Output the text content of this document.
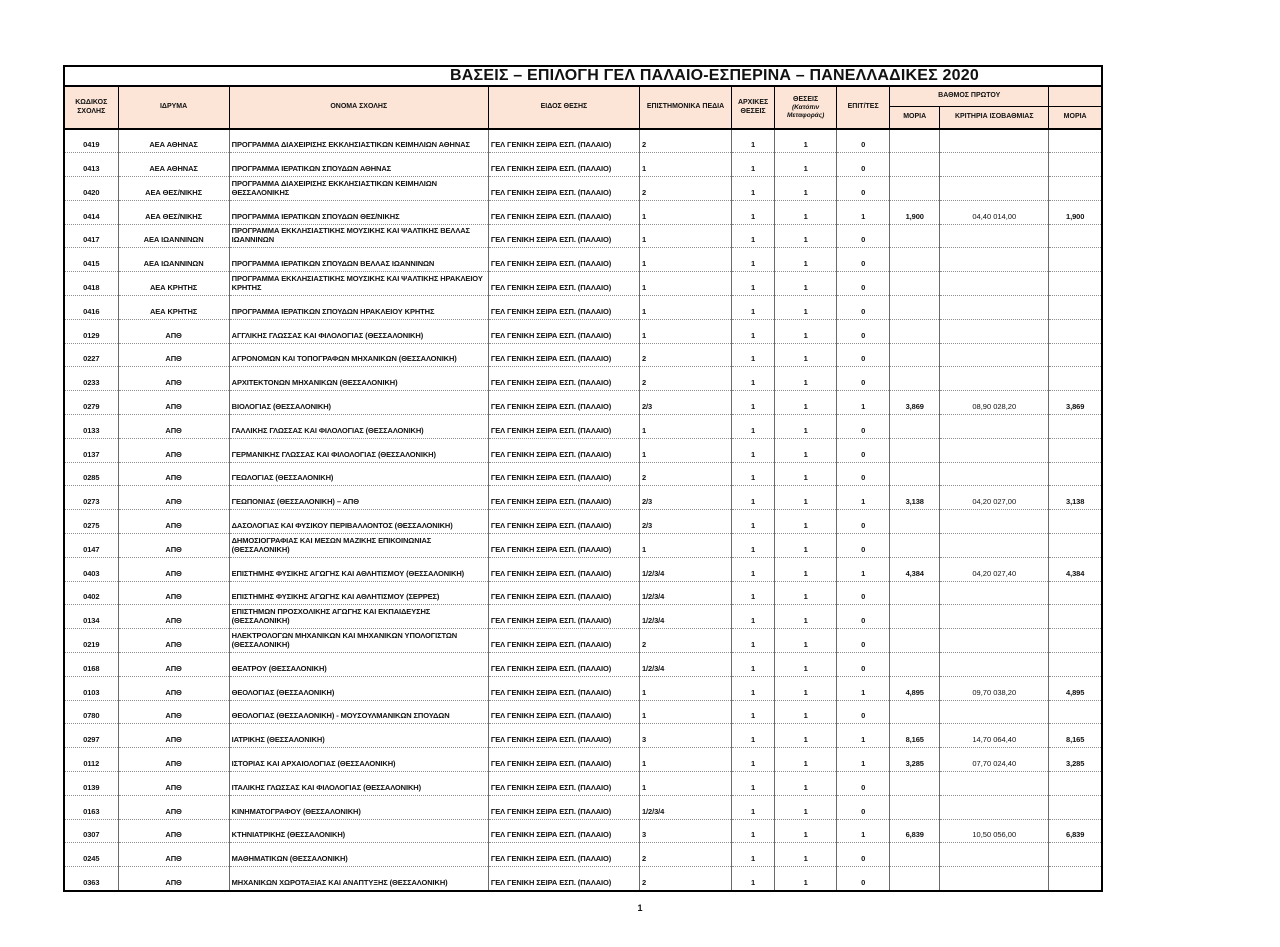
ΒΑΣΕΙΣ – ΕΠΙΛΟΓΗ ΓΕΛ ΠΑΛΑΙΟ-ΕΣΠΕΡΙΝΑ – ΠΑΝΕΛΛΑΔΙΚΕΣ 2020										
ΚΩΔΙΚΟΣ ΣΧΟΛΗΣ	ΙΔΡΥΜΑ	ΟΝΟΜΑ ΣΧΟΛΗΣ	ΕΙΔΟΣ ΘΕΣΗΣ	ΕΠΙΣΤΗΜΟΝΙΚΑ ΠΕΔΙΑ	ΑΡΧΙΚΕΣ ΘΕΣΕΙΣ	ΘΕΣΕΙΣ
(Κατόπιν Μεταφοράς)	ΕΠΙΤ/ΤΕΣ	ΒΑΘΜΟΣ ΠΡΩΤΟΥ		
								ΜΟΡΙΑ	ΚΡΙΤΗΡΙΑ ΙΣΟΒΑΘΜΙΑΣ	ΜΟΡΙΑ
0419	ΑΕΑ ΑΘΗΝΑΣ	ΠΡΟΓΡΑΜΜΑ ΔΙΑΧΕΙΡΙΣΗΣ ΕΚΚΛΗΣΙΑΣΤΙΚΩΝ ΚΕΙΜΗΛΙΩΝ ΑΘΗΝΑΣ	ΓΕΛ ΓΕΝΙΚΗ ΣΕΙΡΑ ΕΣΠ. (ΠΑΛΑΙΟ)	2	1	1	0			
0413	ΑΕΑ ΑΘΗΝΑΣ	ΠΡΟΓΡΑΜΜΑ ΙΕΡΑΤΙΚΩΝ ΣΠΟΥΔΩΝ ΑΘΗΝΑΣ	ΓΕΛ ΓΕΝΙΚΗ ΣΕΙΡΑ ΕΣΠ. (ΠΑΛΑΙΟ)	1	1	1	0			
0420	ΑΕΑ ΘΕΣ/ΝΙΚΗΣ	ΠΡΟΓΡΑΜΜΑ ΔΙΑΧΕΙΡΙΣΗΣ ΕΚΚΛΗΣΙΑΣΤΙΚΩΝ ΚΕΙΜΗΛΙΩΝ ΘΕΣΣΑΛΟΝΙΚΗΣ	ΓΕΛ ΓΕΝΙΚΗ ΣΕΙΡΑ ΕΣΠ. (ΠΑΛΑΙΟ)	2	1	1	0			
0414	ΑΕΑ ΘΕΣ/ΝΙΚΗΣ	ΠΡΟΓΡΑΜΜΑ ΙΕΡΑΤΙΚΩΝ ΣΠΟΥΔΩΝ ΘΕΣ/ΝΙΚΗΣ	ΓΕΛ ΓΕΝΙΚΗ ΣΕΙΡΑ ΕΣΠ. (ΠΑΛΑΙΟ)	1	1	1	1	1,900	04,40 014,00	1,900
0417	ΑΕΑ ΙΩΑΝΝΙΝΩΝ	ΠΡΟΓΡΑΜΜΑ ΕΚΚΛΗΣΙΑΣΤΙΚΗΣ ΜΟΥΣΙΚΗΣ ΚΑΙ ΨΑΛΤΙΚΗΣ ΒΕΛΛΑΣ ΙΩΑΝΝΙΝΩΝ	ΓΕΛ ΓΕΝΙΚΗ ΣΕΙΡΑ ΕΣΠ. (ΠΑΛΑΙΟ)	1	1	1	0			
0415	ΑΕΑ ΙΩΑΝΝΙΝΩΝ	ΠΡΟΓΡΑΜΜΑ ΙΕΡΑΤΙΚΩΝ ΣΠΟΥΔΩΝ ΒΕΛΛΑΣ ΙΩΑΝΝΙΝΩΝ	ΓΕΛ ΓΕΝΙΚΗ ΣΕΙΡΑ ΕΣΠ. (ΠΑΛΑΙΟ)	1	1	1	0			
0418	ΑΕΑ ΚΡΗΤΗΣ	ΠΡΟΓΡΑΜΜΑ ΕΚΚΛΗΣΙΑΣΤΙΚΗΣ ΜΟΥΣΙΚΗΣ ΚΑΙ ΨΑΛΤΙΚΗΣ ΗΡΑΚΛΕΙΟΥ ΚΡΗΤΗΣ	ΓΕΛ ΓΕΝΙΚΗ ΣΕΙΡΑ ΕΣΠ. (ΠΑΛΑΙΟ)	1	1	1	0			
0416	ΑΕΑ ΚΡΗΤΗΣ	ΠΡΟΓΡΑΜΜΑ ΙΕΡΑΤΙΚΩΝ ΣΠΟΥΔΩΝ ΗΡΑΚΛΕΙΟΥ ΚΡΗΤΗΣ	ΓΕΛ ΓΕΝΙΚΗ ΣΕΙΡΑ ΕΣΠ. (ΠΑΛΑΙΟ)	1	1	1	0			
0129	ΑΠΘ	ΑΓΓΛΙΚΗΣ ΓΛΩΣΣΑΣ ΚΑΙ ΦΙΛΟΛΟΓΙΑΣ (ΘΕΣΣΑΛΟΝΙΚΗ)	ΓΕΛ ΓΕΝΙΚΗ ΣΕΙΡΑ ΕΣΠ. (ΠΑΛΑΙΟ)	1	1	1	0			
0227	ΑΠΘ	ΑΓΡΟΝΟΜΩΝ ΚΑΙ ΤΟΠΟΓΡΑΦΩΝ ΜΗΧΑΝΙΚΩΝ (ΘΕΣΣΑΛΟΝΙΚΗ)	ΓΕΛ ΓΕΝΙΚΗ ΣΕΙΡΑ ΕΣΠ. (ΠΑΛΑΙΟ)	2	1	1	0			
0233	ΑΠΘ	ΑΡΧΙΤΕΚΤΟΝΩΝ ΜΗΧΑΝΙΚΩΝ (ΘΕΣΣΑΛΟΝΙΚΗ)	ΓΕΛ ΓΕΝΙΚΗ ΣΕΙΡΑ ΕΣΠ. (ΠΑΛΑΙΟ)	2	1	1	0			
0279	ΑΠΘ	ΒΙΟΛΟΓΙΑΣ (ΘΕΣΣΑΛΟΝΙΚΗ)	ΓΕΛ ΓΕΝΙΚΗ ΣΕΙΡΑ ΕΣΠ. (ΠΑΛΑΙΟ)	2/3	1	1	1	3,869	08,90 028,20	3,869
0133	ΑΠΘ	ΓΑΛΛΙΚΗΣ ΓΛΩΣΣΑΣ ΚΑΙ ΦΙΛΟΛΟΓΙΑΣ (ΘΕΣΣΑΛΟΝΙΚΗ)	ΓΕΛ ΓΕΝΙΚΗ ΣΕΙΡΑ ΕΣΠ. (ΠΑΛΑΙΟ)	1	1	1	0			
0137	ΑΠΘ	ΓΕΡΜΑΝΙΚΗΣ ΓΛΩΣΣΑΣ ΚΑΙ ΦΙΛΟΛΟΓΙΑΣ (ΘΕΣΣΑΛΟΝΙΚΗ)	ΓΕΛ ΓΕΝΙΚΗ ΣΕΙΡΑ ΕΣΠ. (ΠΑΛΑΙΟ)	1	1	1	0			
0285	ΑΠΘ	ΓΕΩΛΟΓΙΑΣ (ΘΕΣΣΑΛΟΝΙΚΗ)	ΓΕΛ ΓΕΝΙΚΗ ΣΕΙΡΑ ΕΣΠ. (ΠΑΛΑΙΟ)	2	1	1	0			
0273	ΑΠΘ	ΓΕΩΠΟΝΙΑΣ (ΘΕΣΣΑΛΟΝΙΚΗ) – ΑΠΘ	ΓΕΛ ΓΕΝΙΚΗ ΣΕΙΡΑ ΕΣΠ. (ΠΑΛΑΙΟ)	2/3	1	1	1	3,138	04,20 027,00	3,138
0275	ΑΠΘ	ΔΑΣΟΛΟΓΙΑΣ ΚΑΙ ΦΥΣΙΚΟΥ ΠΕΡΙΒΑΛΛΟΝΤΟΣ (ΘΕΣΣΑΛΟΝΙΚΗ)	ΓΕΛ ΓΕΝΙΚΗ ΣΕΙΡΑ ΕΣΠ. (ΠΑΛΑΙΟ)	2/3	1	1	0			
0147	ΑΠΘ	ΔΗΜΟΣΙΟΓΡΑΦΙΑΣ ΚΑΙ ΜΕΣΩΝ ΜΑΖΙΚΗΣ ΕΠΙΚΟΙΝΩΝΙΑΣ (ΘΕΣΣΑΛΟΝΙΚΗ)	ΓΕΛ ΓΕΝΙΚΗ ΣΕΙΡΑ ΕΣΠ. (ΠΑΛΑΙΟ)	1	1	1	0			
0403	ΑΠΘ	ΕΠΙΣΤΗΜΗΣ ΦΥΣΙΚΗΣ ΑΓΩΓΗΣ ΚΑΙ ΑΘΛΗΤΙΣΜΟΥ (ΘΕΣΣΑΛΟΝΙΚΗ)	ΓΕΛ ΓΕΝΙΚΗ ΣΕΙΡΑ ΕΣΠ. (ΠΑΛΑΙΟ)	1/2/3/4	1	1	1	4,384	04,20 027,40	4,384
0402	ΑΠΘ	ΕΠΙΣΤΗΜΗΣ ΦΥΣΙΚΗΣ ΑΓΩΓΗΣ ΚΑΙ ΑΘΛΗΤΙΣΜΟΥ (ΣΕΡΡΕΣ)	ΓΕΛ ΓΕΝΙΚΗ ΣΕΙΡΑ ΕΣΠ. (ΠΑΛΑΙΟ)	1/2/3/4	1	1	0			
0134	ΑΠΘ	ΕΠΙΣΤΗΜΩΝ ΠΡΟΣΧΟΛΙΚΗΣ ΑΓΩΓΗΣ ΚΑΙ ΕΚΠΑΙΔΕΥΣΗΣ (ΘΕΣΣΑΛΟΝΙΚΗ)	ΓΕΛ ΓΕΝΙΚΗ ΣΕΙΡΑ ΕΣΠ. (ΠΑΛΑΙΟ)	1/2/3/4	1	1	0			
0219	ΑΠΘ	ΗΛΕΚΤΡΟΛΟΓΩΝ ΜΗΧΑΝΙΚΩΝ ΚΑΙ ΜΗΧΑΝΙΚΩΝ ΥΠΟΛΟΓΙΣΤΩΝ (ΘΕΣΣΑΛΟΝΙΚΗ)	ΓΕΛ ΓΕΝΙΚΗ ΣΕΙΡΑ ΕΣΠ. (ΠΑΛΑΙΟ)	2	1	1	0			
0168	ΑΠΘ	ΘΕΑΤΡΟΥ (ΘΕΣΣΑΛΟΝΙΚΗ)	ΓΕΛ ΓΕΝΙΚΗ ΣΕΙΡΑ ΕΣΠ. (ΠΑΛΑΙΟ)	1/2/3/4	1	1	0			
0103	ΑΠΘ	ΘΕΟΛΟΓΙΑΣ (ΘΕΣΣΑΛΟΝΙΚΗ)	ΓΕΛ ΓΕΝΙΚΗ ΣΕΙΡΑ ΕΣΠ. (ΠΑΛΑΙΟ)	1	1	1	1	4,895	09,70 038,20	4,895
0780	ΑΠΘ	ΘΕΟΛΟΓΙΑΣ (ΘΕΣΣΑΛΟΝΙΚΗ) - ΜΟΥΣΟΥΛΜΑΝΙΚΩΝ ΣΠΟΥΔΩΝ	ΓΕΛ ΓΕΝΙΚΗ ΣΕΙΡΑ ΕΣΠ. (ΠΑΛΑΙΟ)	1	1	1	0			
0297	ΑΠΘ	ΙΑΤΡΙΚΗΣ (ΘΕΣΣΑΛΟΝΙΚΗ)	ΓΕΛ ΓΕΝΙΚΗ ΣΕΙΡΑ ΕΣΠ. (ΠΑΛΑΙΟ)	3	1	1	1	8,165	14,70 064,40	8,165
0112	ΑΠΘ	ΙΣΤΟΡΙΑΣ ΚΑΙ ΑΡΧΑΙΟΛΟΓΙΑΣ (ΘΕΣΣΑΛΟΝΙΚΗ)	ΓΕΛ ΓΕΝΙΚΗ ΣΕΙΡΑ ΕΣΠ. (ΠΑΛΑΙΟ)	1	1	1	1	3,285	07,70 024,40	3,285
0139	ΑΠΘ	ΙΤΑΛΙΚΗΣ ΓΛΩΣΣΑΣ ΚΑΙ ΦΙΛΟΛΟΓΙΑΣ (ΘΕΣΣΑΛΟΝΙΚΗ)	ΓΕΛ ΓΕΝΙΚΗ ΣΕΙΡΑ ΕΣΠ. (ΠΑΛΑΙΟ)	1	1	1	0			
0163	ΑΠΘ	ΚΙΝΗΜΑΤΟΓΡΑΦΟΥ (ΘΕΣΣΑΛΟΝΙΚΗ)	ΓΕΛ ΓΕΝΙΚΗ ΣΕΙΡΑ ΕΣΠ. (ΠΑΛΑΙΟ)	1/2/3/4	1	1	0			
0307	ΑΠΘ	ΚΤΗΝΙΑΤΡΙΚΗΣ (ΘΕΣΣΑΛΟΝΙΚΗ)	ΓΕΛ ΓΕΝΙΚΗ ΣΕΙΡΑ ΕΣΠ. (ΠΑΛΑΙΟ)	3	1	1	1	6,839	10,50 056,00	6,839
0245	ΑΠΘ	ΜΑΘΗΜΑΤΙΚΩΝ (ΘΕΣΣΑΛΟΝΙΚΗ)	ΓΕΛ ΓΕΝΙΚΗ ΣΕΙΡΑ ΕΣΠ. (ΠΑΛΑΙΟ)	2	1	1	0			
0363	ΑΠΘ	ΜΗΧΑΝΙΚΩΝ ΧΩΡΟΤΑΞΙΑΣ ΚΑΙ ΑΝΑΠΤΥΞΗΣ (ΘΕΣΣΑΛΟΝΙΚΗ)	ΓΕΛ ΓΕΝΙΚΗ ΣΕΙΡΑ ΕΣΠ. (ΠΑΛΑΙΟ)	2	1	1	0			
1
